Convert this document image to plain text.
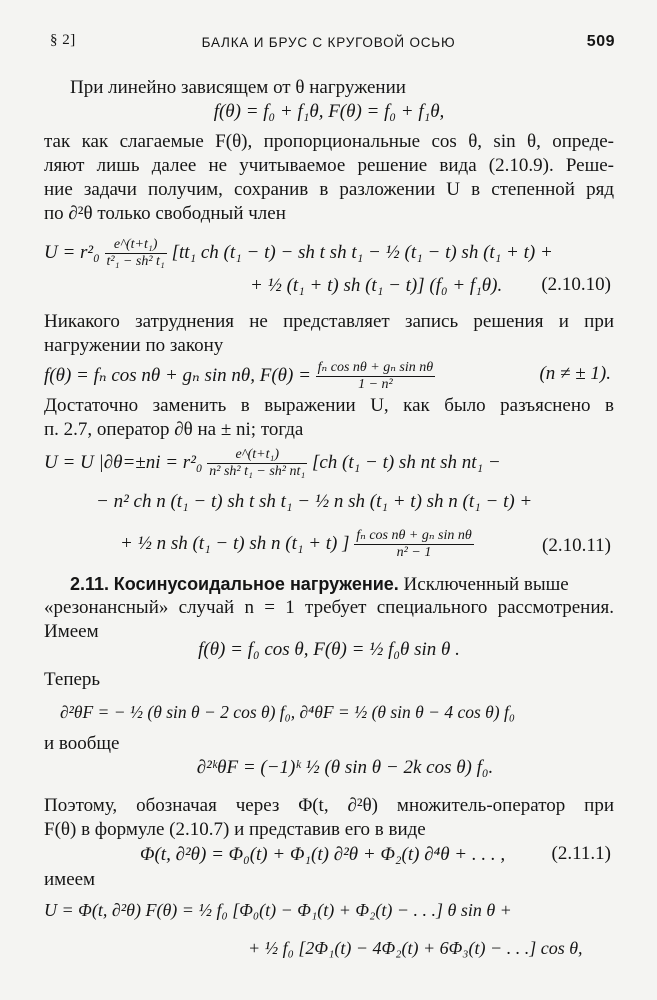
§ 2]	БАЛКА И БРУС С КРУГОВОЙ ОСЬЮ	509
При линейно зависящем от θ нагружении
f(θ) = f₀ + f₁θ, F(θ) = f₀ + f₁θ,
так как слагаемые F(θ), пропорциональные cos θ, sin θ, опреде-
ляют лишь далее не учитываемое решение вида (2.10.9). Реше-
ние задачи получим, сохранив в разложении U в степенной ряд
по ∂²θ только свободный член
$U = r^2_0 \frac{\text{e\textasciicircum{}(t+t₁)}}{\text{t²₁ − sh² t₁}} [tt_1$ ch (t₁ − t) − sh t sh t₁ − ½ (t₁ − t) sh (t₁ + t) +
+ ½ (t₁ + t) sh (t₁ − t)] (f₀ + f₁θ).	(2.10.10)
Никакого затруднения не представляет запись решения и при
нагружении по закону
f(θ) = fₙ cos nθ + gₙ sin nθ, $F(\theta) = \frac{\text{fₙ cos nθ + gₙ sin nθ}}{\text{1 − n²}}$	(n ≠ ± 1).
Достаточно заменить в выражении U, как было разъяснено в
п. 2.7, оператор ∂θ на ± ni; тогда
U = U $|\partial\theta=\pm ni = r^2_0 \frac{\text{e\textasciicircum{}(t+t₁)}}{\text{n² sh² t₁ − sh² nt₁}} [ch$ (t₁ − t) sh nt sh nt₁ −
− n² ch n (t₁ − t) sh t sh t₁ − ½ n sh (t₁ + t) sh n (t₁ − t) +
+ ½ n sh (t₁ − t) sh n (t₁ + t) ] $\frac{\text{fₙ cos nθ + gₙ sin nθ}}{\text{n² − 1}}$	(2.10.11)
2.11. Косинусоидальное нагружение. Исключенный выше
«резонансный» случай n = 1 требует специального рассмотрения.
Имеем
f(θ) = f₀ cos θ, F(θ) = ½ f₀θ sin θ .
Теперь
∂²θF = − ½ (θ sin θ − 2 cos θ) f₀, ∂⁴θF = ½ (θ sin θ − 4 cos θ) f₀
и вообще
∂²ᵏθF = (−1)ᵏ ½ (θ sin θ − 2k cos θ) f₀.
Поэтому, обозначая через Φ(t, ∂²θ) множитель-оператор при
F(θ) в формуле (2.10.7) и представив его в виде
Φ(t, ∂²θ) = Φ₀(t) + Φ₁(t) ∂²θ + Φ₂(t) ∂⁴θ + . . . , (2.11.1)
имеем
U = Φ(t, ∂²θ) F(θ) = ½ f₀ [Φ₀(t) − Φ₁(t) + Φ₂(t) − . . .] θ sin θ +
+ ½ f₀ [2Φ₁(t) − 4Φ₂(t) + 6Φ₃(t) − . . .] cos θ,
